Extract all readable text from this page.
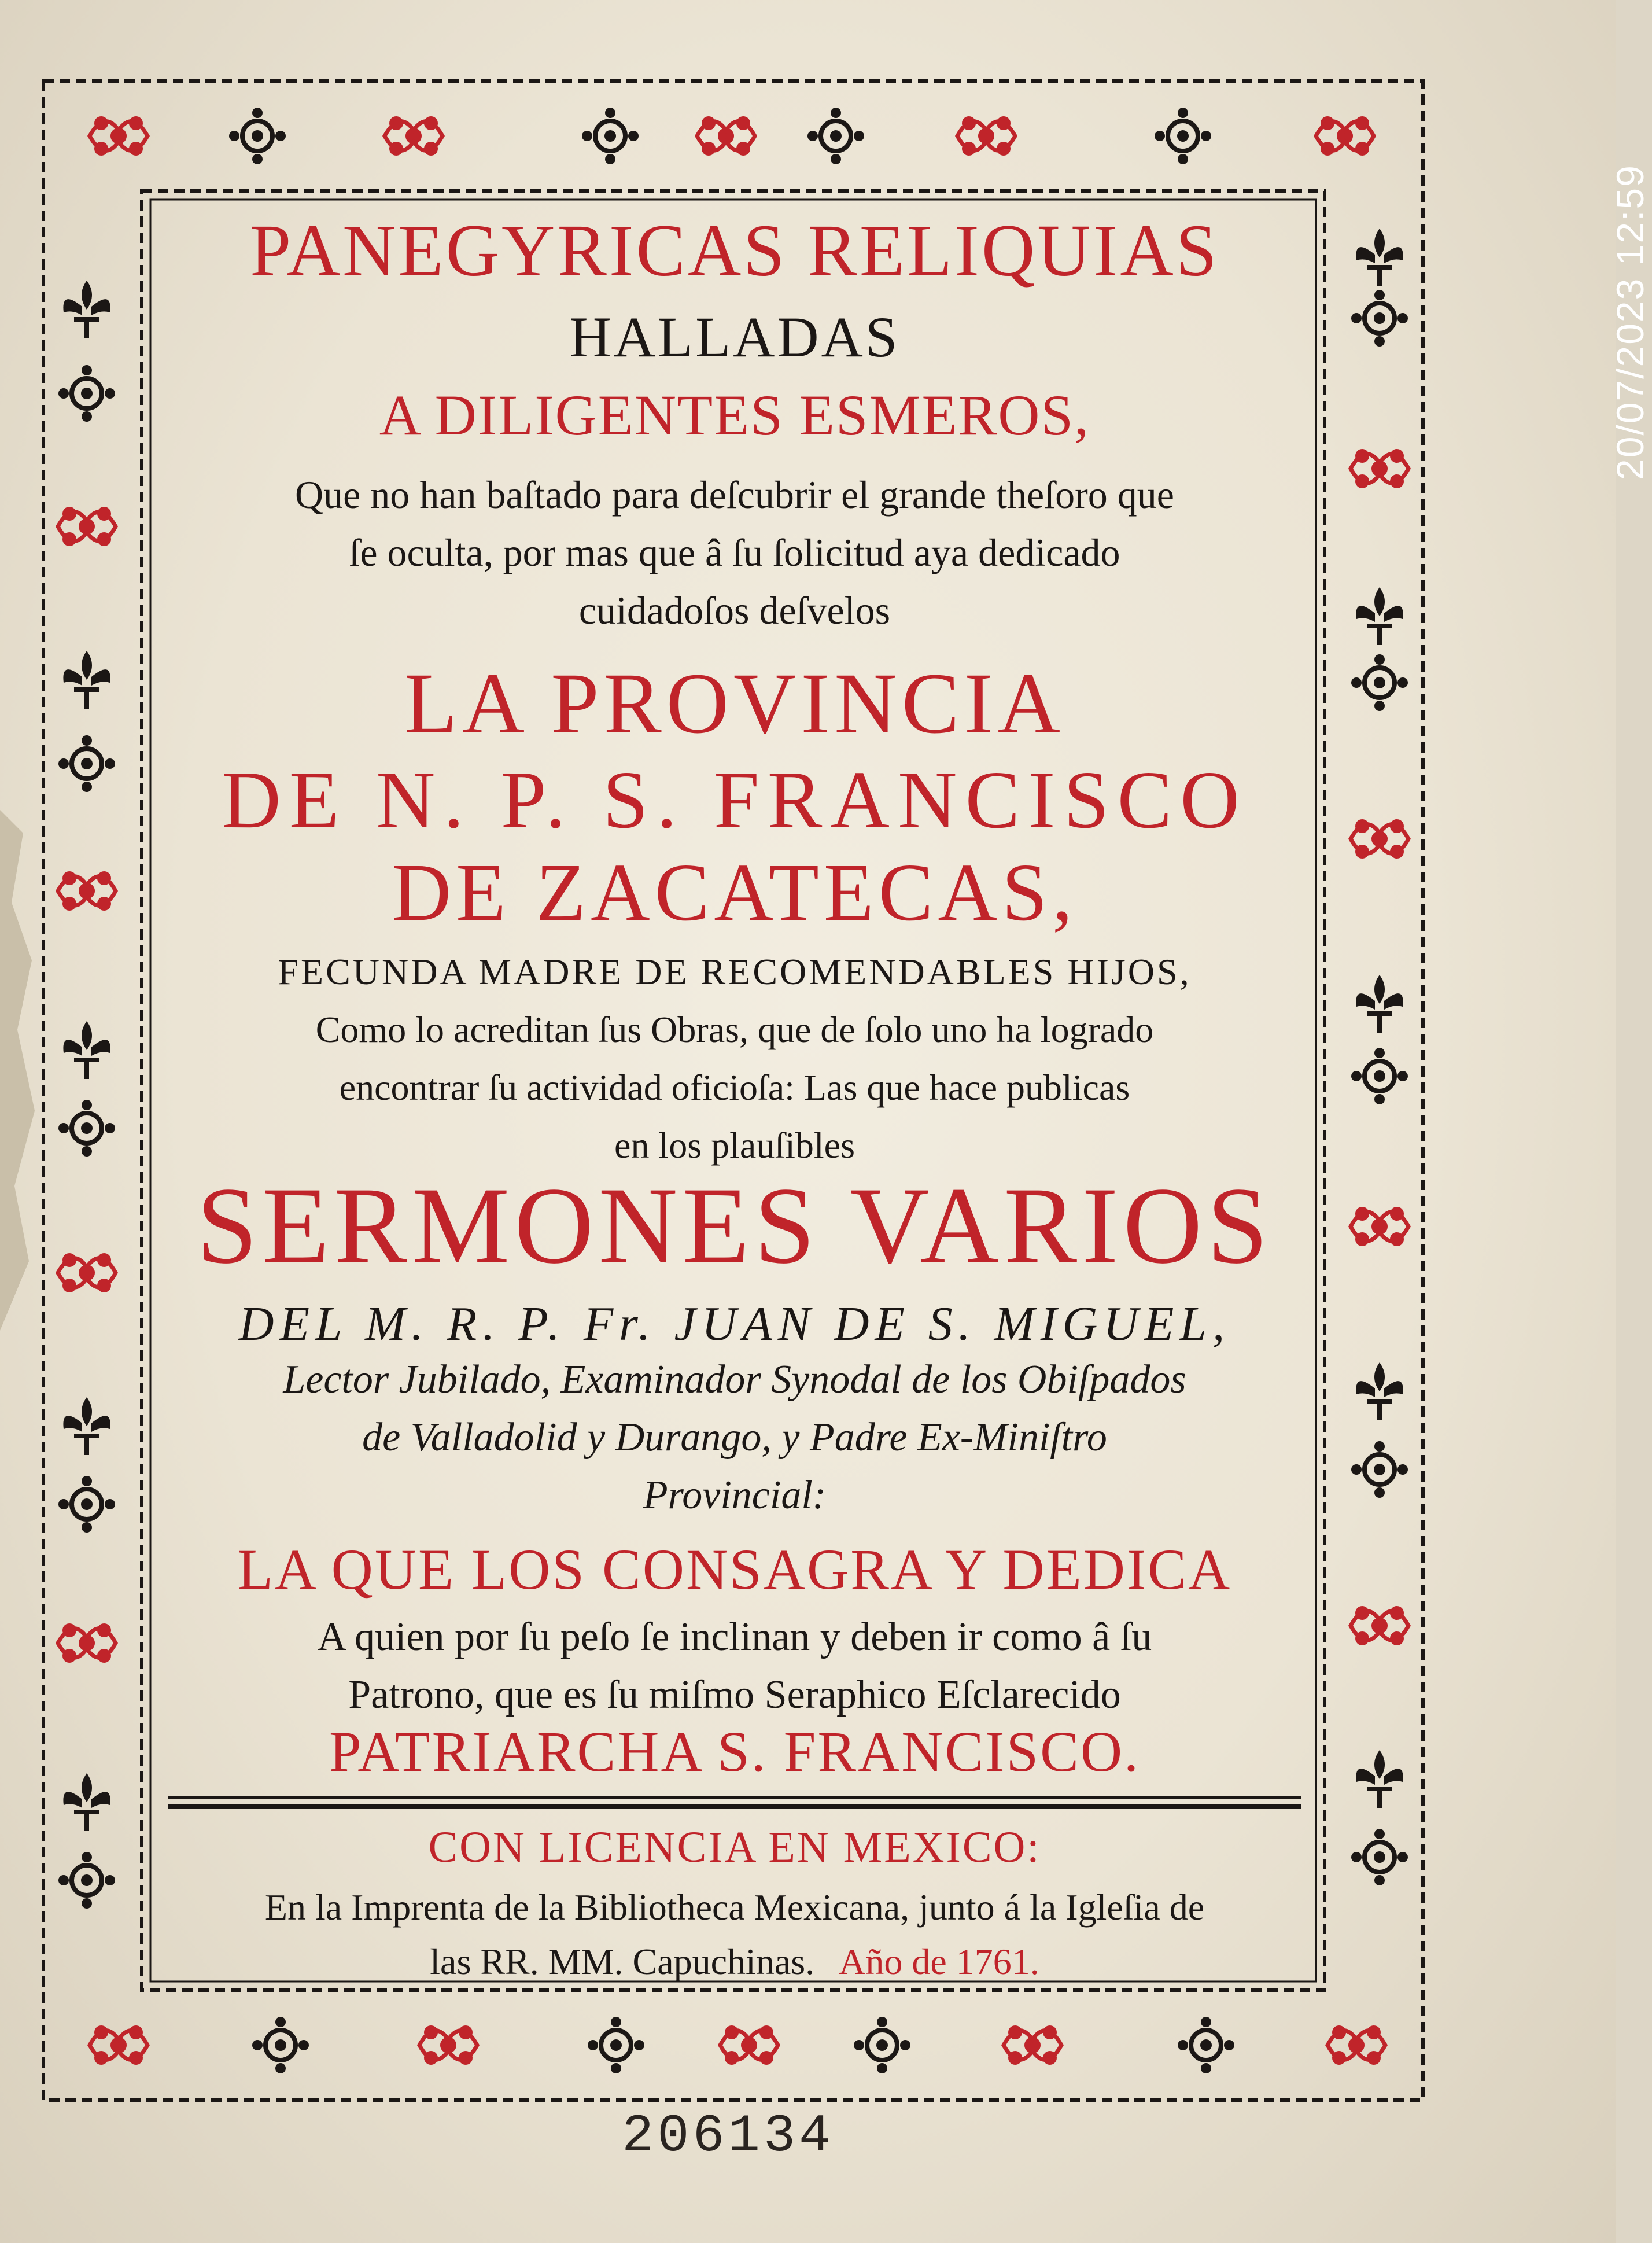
PANEGYRICAS RELIQUIAS
HALLADAS
A DILIGENTES ESMEROS,
Que no han baſtado para deſcubrir el grande theſoro que
ſe oculta, por mas que â ſu ſolicitud aya dedicado
cuidadoſos deſvelos
LA PROVINCIA
DE N. P. S. FRANCISCO
DE ZACATECAS,
FECUNDA MADRE DE RECOMENDABLES HIJOS,
Como lo acreditan ſus Obras, que de ſolo uno ha logrado
encontrar ſu actividad oficioſa: Las que hace publicas
en los plauſibles
SERMONES VARIOS
DEL M. R. P. Fr. JUAN DE S. MIGUEL,
Lector Jubilado, Examinador Synodal de los Obiſpados
de Valladolid y Durango, y Padre Ex-Miniſtro
Provincial:
LA QUE LOS CONSAGRA Y DEDICA
A quien por ſu peſo ſe inclinan y deben ir como â ſu
Patrono, que es ſu miſmo Seraphico Eſclarecido
PATRIARCHA S. FRANCISCO.
CON LICENCIA EN MEXICO:
En la Imprenta de la Bibliotheca Mexicana, junto á la Igleſia de
las RR. MM. Capuchinas. Año de 1761.
206134
20/07/2023 12:59
